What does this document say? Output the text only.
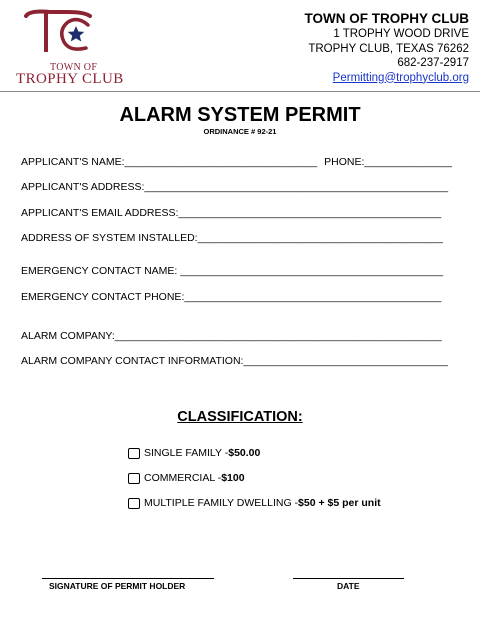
TOWN OF
TROPHY CLUB
TOWN OF TROPHY CLUB
1 TROPHY WOOD DRIVE
TROPHY CLUB, TEXAS 76262
682-237-2917
Permitting@trophyclub.org
ALARM SYSTEM PERMIT
ORDINANCE # 92-21
APPLICANT'S NAME:_________________________________ PHONE:_______________
APPLICANT'S ADDRESS:____________________________________________________
APPLICANT'S EMAIL ADDRESS:_____________________________________________
ADDRESS OF SYSTEM INSTALLED:__________________________________________
EMERGENCY CONTACT NAME: _____________________________________________
EMERGENCY CONTACT PHONE:____________________________________________
ALARM COMPANY:________________________________________________________
ALARM COMPANY CONTACT INFORMATION:___________________________________
CLASSIFICATION:
SINGLE FAMILY - $50.00
COMMERCIAL - $100
MULTIPLE FAMILY DWELLING - $50 + $5 per unit
SIGNATURE OF PERMIT HOLDER	DATE
